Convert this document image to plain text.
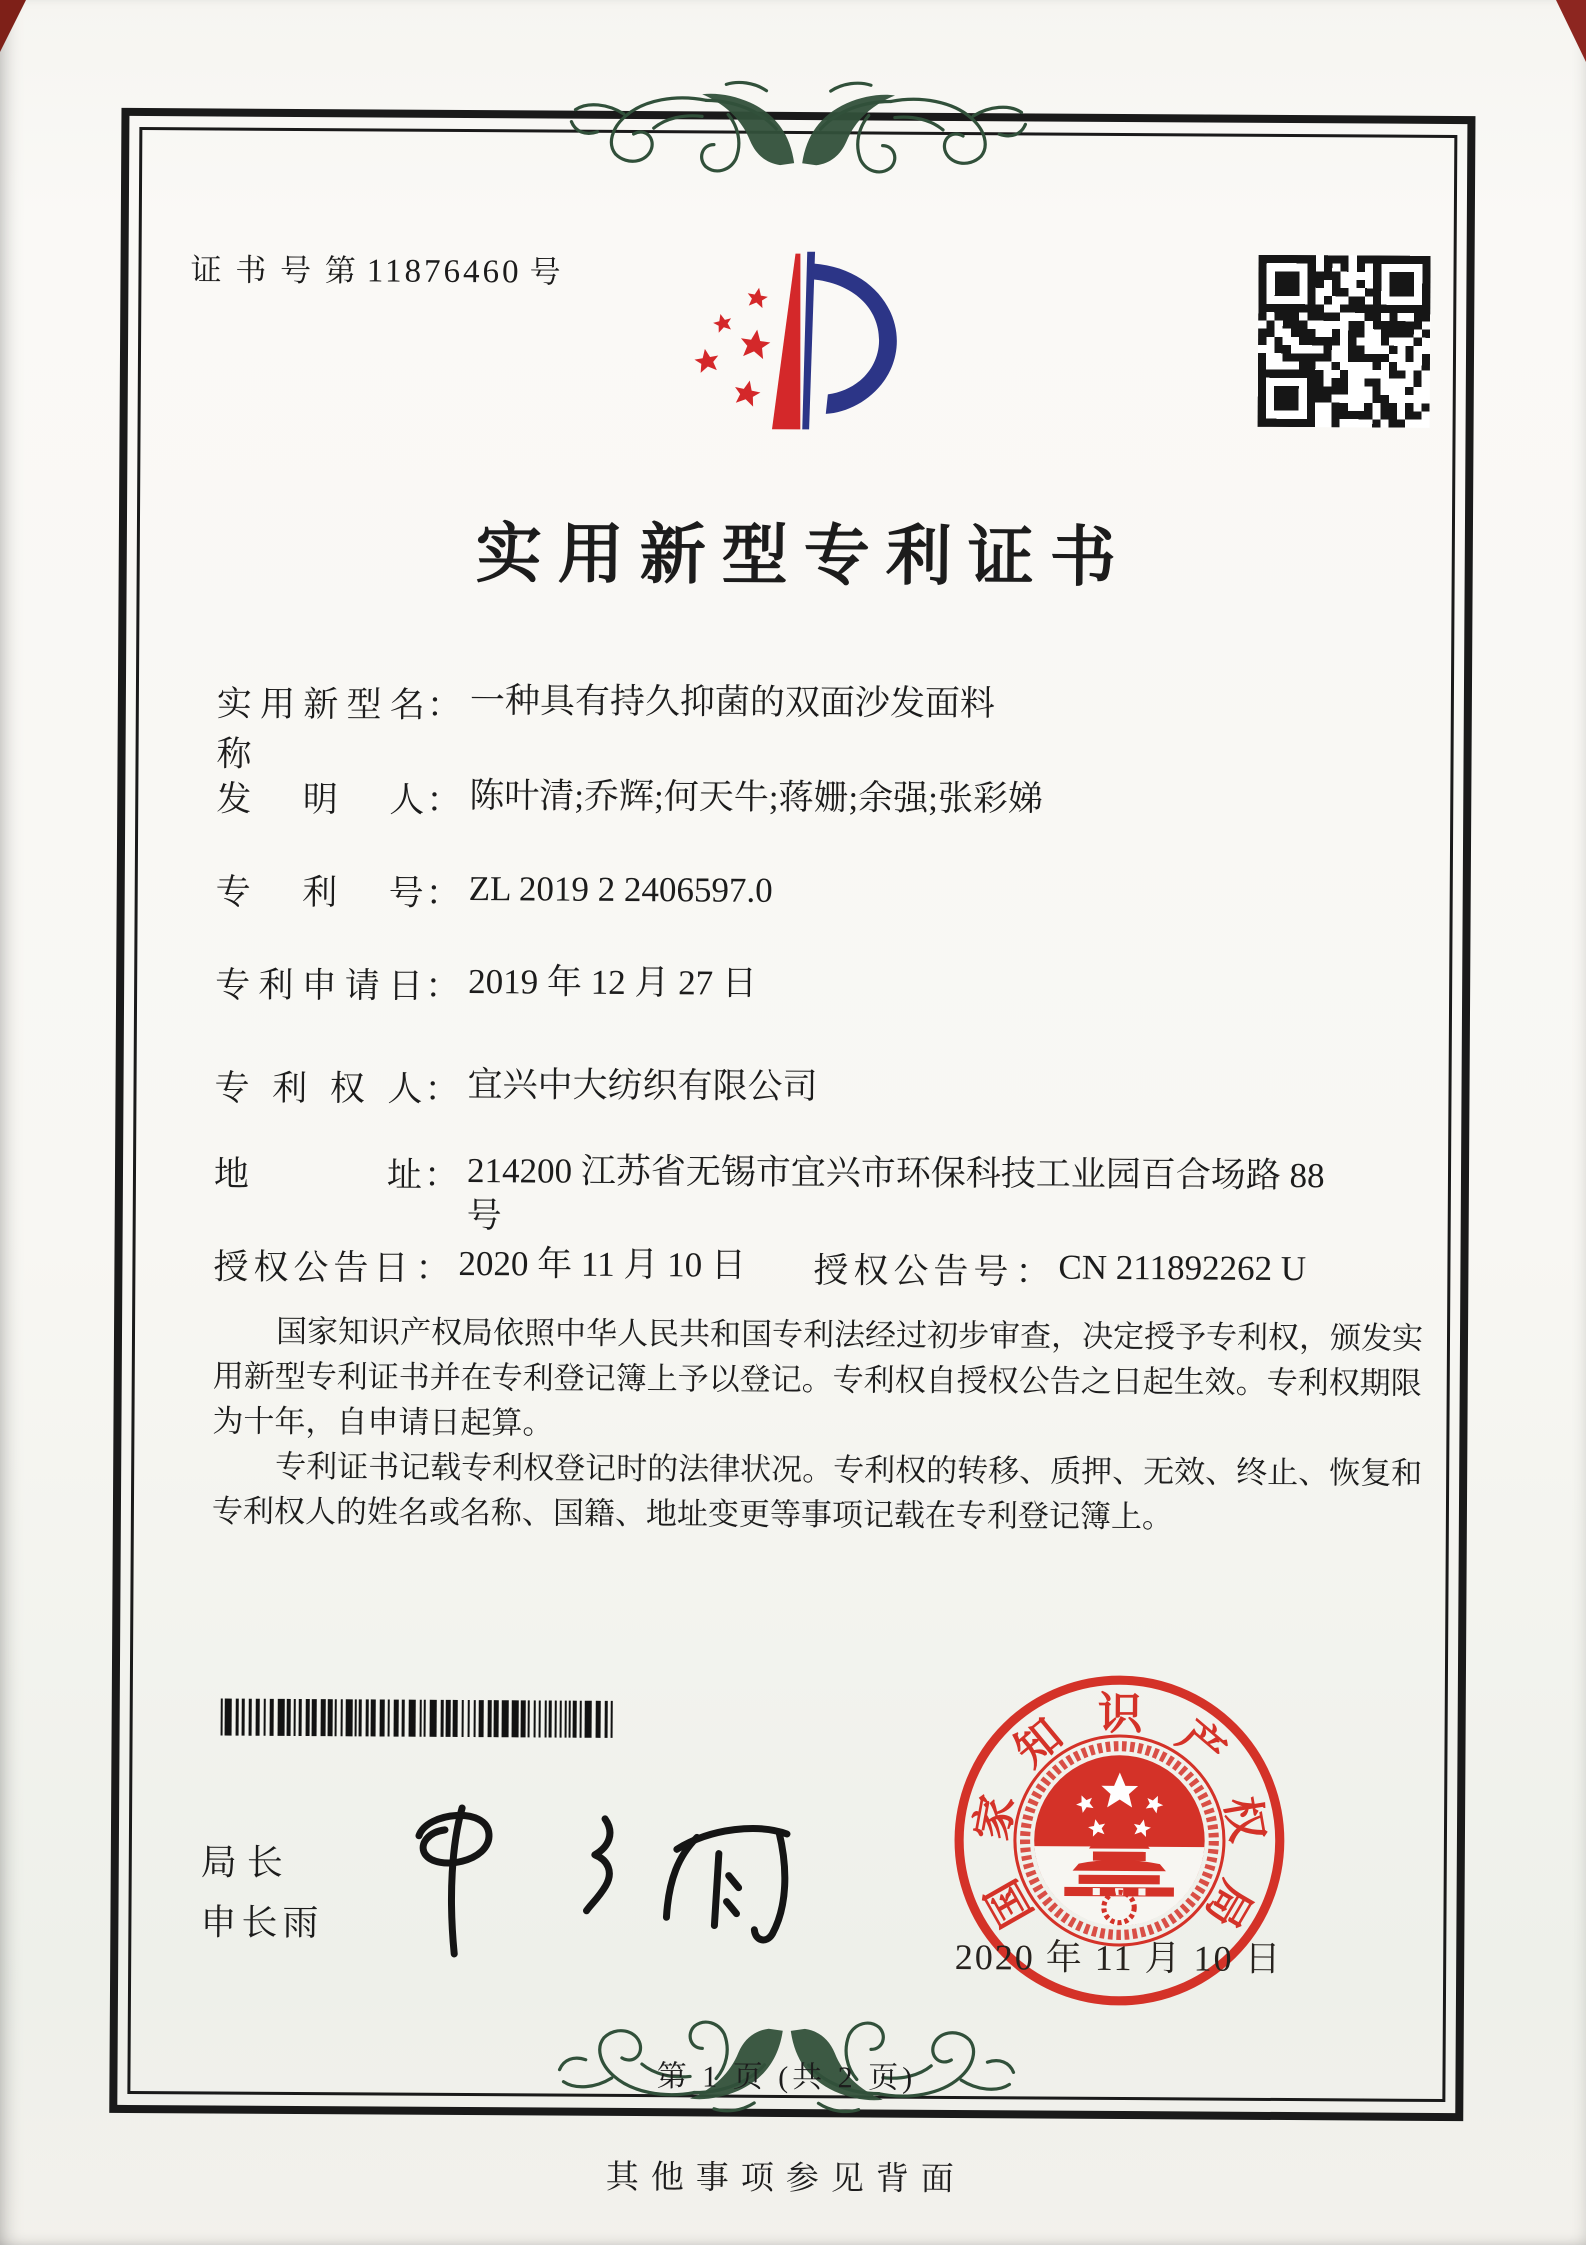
证 书 号 第 11876460 号
实用新型专利证书
实用新型名称
： 一种具有持久抑菌的双面沙发面料
发明人 ： 陈叶清;乔辉;何天牛;蒋姗;余强;张彩娣
专利号 ： ZL 2019 2 2406597.0
专利申请日 ： 2019 年 12 月 27 日
专利权人 ： 宜兴中大纺织有限公司
地址 ： 214200 江苏省无锡市宜兴市环保科技工业园百合场路 88
号
授权公告日 ： 2020 年 11 月 10 日 授权公告号 ： CN 211892262 U

国家知识产权局依照中华人民共和国专利法经过初步审查，决定授予专利权，颁发实用新型专利证书并在专利登记簿上予以登记。专利权自授权公告之日起生效。专利权期限为十年，自申请日起算。

专利证书记载专利权登记时的法律状况。专利权的转移、质押、无效、终止、恢复和专利权人的姓名或名称、国籍、地址变更等事项记载在专利登记簿上。

局长
申长雨	国
家
知 识 产
权
局
2020 年 11 月 10 日
第 1 页 (共 2 页)
其他事项参见背面
